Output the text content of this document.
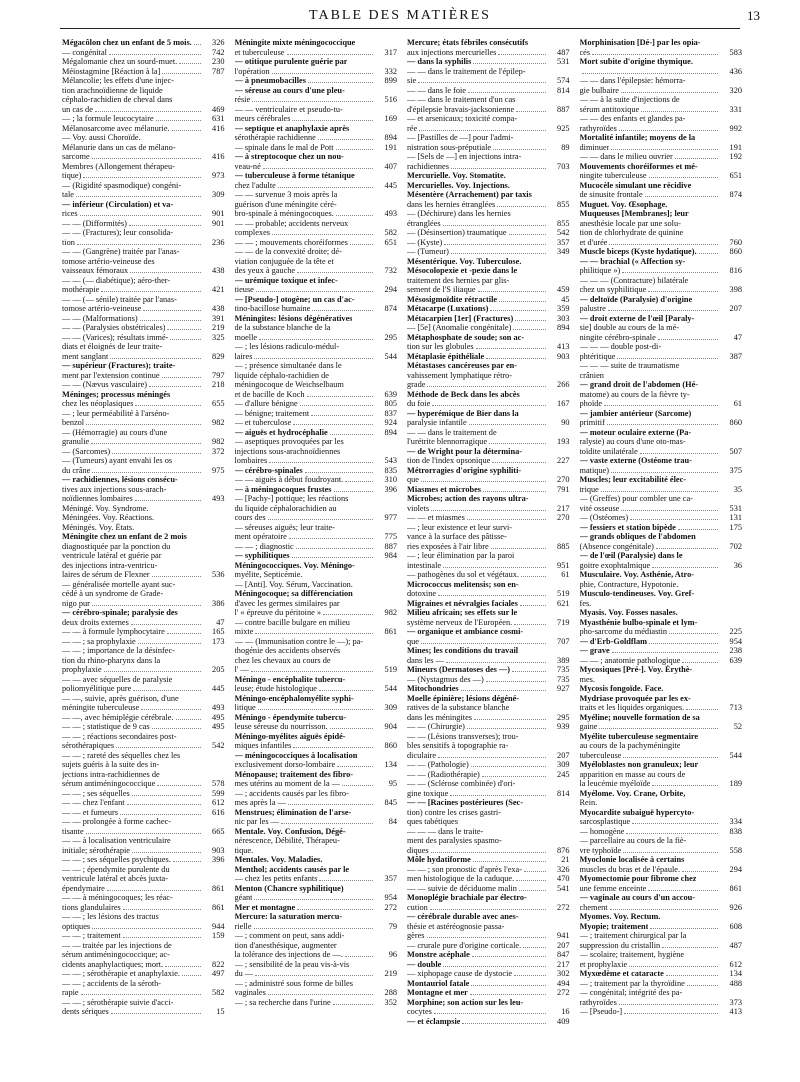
TABLE DES MATIÈRES	13
Mégacôlon chez un enfant de 5 mois.	326
— congénital	742
Mégalomanie chez un sourd-muet.	230
Méiostagmine [Réaction à la]	787
Mélancolie; les effets d'une injec-
tion arachnoïdienne de liquide
céphalo-rachidien de cheval dans
un cas de	469
— ; la formule leucocytaire	631
Mélanosarcome avec mélanurie.	416
— Voy. aussi Choroïde.
Mélanurie dans un cas de mélano-
sarcome	416
Membres (Allongement thérapeu-
tique)	973
— (Rigidité spasmodique) congéni-
tale	309
— inférieur (Circulation) et va-
rices	901
— — (Difformités)	901
— — (Fractures); leur consolida-
tion	236
— — (Gangrène) traitée par l'anas-
tomose artério-veineuse des
vaisseaux fémoraux	438
— — (— diabétique); aéro-ther-
mothérapie	421
— — (— sénile) traitée par l'anas-
tomose artério-veineuse	438
— — (Malformations)	391
— — (Paralysies obstétricales)	219
— — (Varices); résultats immé-	325
diats et éloignés de leur traite-
ment sanglant	829
— supérieur (Fractures); traite-
ment par l'extension continue	797
— — (Nævus vasculaire)	218
Méninges; processus méningés
chez les néoplasiques	655
— ; leur perméabilité à l'arséno-
benzol	982
— (Hémorragie) au cours d'une
granulie	982
— (Sarcomes)	372
— (Tumeurs) ayant envahi les os
du crâne	975
— rachidiennes, lésions consécu-
tives aux injections sous-arach-
noïdiennes lombaires	493
Méningé. Voy. Syndrome.
Méningées. Voy. Réactions.
Méningés. Voy. États.
Méningite chez un enfant de 2 mois
diagnostiquée par la ponction du
ventricule latéral et guérie par
des injections intra-ventricu-
laires de sérum de Flexner	536
— généralisée mortelle ayant suc-
cédé à un syndrome de Grade-
nigo pur	386
— cérébro-spinale; paralysie des
deux droits externes	47
— — à formule lymphocytaire	165
— — ; sa prophylaxie	173
— — ; importance de la désinfec-
tion du rhino-pharynx dans la
prophylaxie	205
— — avec séquelles de paralysie
poliomyélitique pure	445
— —, suivie, après guérison, d'une
méningite tuberculeuse	493
— —, avec hémiplégie cérébrale.	495
— — ; statistique de 9 cas	495
— — ; réactions secondaires post-
sérothérapiques	542
— — ; rareté des séquelles chez les
sujets guéris à la suite des in-
jections intra-rachidiennes de
sérum antiméningococcique	578
— — ; ses séquelles	599
— — chez l'enfant	612
— — et fumeurs	616
— — prolongée à forme cachec-
tisante	665
— — à localisation ventriculaire
initiale; sérothérapie	903
— — ; ses séquelles psychiques.	396
— — ; épendymite purulente du
ventricule latéral et abcès juxta-
épendymaire	861
— — à méningocoques; les réac-
tions glandulaires	861
— — ; les lésions des tractus
optiques	944
— — ; traitement	159
— — traitée par les injections de
sérum antiméningococcique; ac-
cidents anaphylactiques; mort.	822
— — ; sérothérapie et anaphylaxie.	497
— — ; accidents de la séroth-
rapie	582
— — ; sérothérapie suivie d'acci-
dents sériques	15
Méningite mixte méningococcique
et tuberculeuse	317
— otitique purulente guérie par
l'opération	332
— à pneumobacilles	899
— séreuse au cours d'une pleu-
résie	516
— — ventriculaire et pseudo-tu-
meurs cérébrales	169
— septique et anaphylaxie après
sérothérapie rachidienne	894
— spinale dans le mal de Pott	191
— à streptocoque chez un nou-
veau-né	407
— tuberculeuse à forme tétanique
chez l'adulte	445
— — survenue 3 mois après la
guérison d'une méningite céré-
bro-spinale à méningocoques.	493
— — probable; accidents nerveux
complexes	582
— — ; mouvements choréiformes	651
— — de la convexité droite; dé-
viation conjuguée de la tête et
des yeux à gauche	732
— urémique toxique et infec-
tieuse	294
— [Pseudo-] otogène; un cas d'ac-
tino-bacillose humaine	874
Méningites: lésions dégénératives
de la substance blanche de la
moelle	295
— ; les lésions radiculo-médul-
laires	544
— ; présence simultanée dans le
liquide céphalo-rachidien de
méningocoque de Weichselbaum
et de bacille de Koch	639
— d'allure bénigne	805
— bénigne; traitement	837
— et tuberculose	924
— aiguës et hydrocéphalie	894
— aseptiques provoquées par les
injections sous-arachnoïdiennes
lombaires	543
— cérébro-spinales	835
— — aiguës à début foudroyant.	310
— à méningocoques frustes	396
— [Pachy-] pottique; les réactions
du liquide céphalorachidien au
cours des	977
— séreuses aiguës; leur traite-
ment opératoire	775
— — ; diagnostic	887
— syphilitiques	984
Méningococciques. Voy. Méningo-
myélite, Septicémie.
— [Anti]. Voy. Sérum, Vaccination.
Méningocoque; sa différenciation
d'avec les germes similaires par
l' « épreuve du péritoine »	982
— contre bacille bulgare en milieu
mixte	861
— — (Immunisation contre le —); pa-
thogénie des accidents observés
chez les chevaux au cours de
l' —	519
Méningo - encéphalite tubercu-
leuse; étude histologique	544
Méningo-encéphalomyélite syphi-
litique	309
Méningo - épendymite tubercu-
leuse séreuse du nourrisson.	904
Méningo-myélites aiguës épidé-
miques infantiles	860
— méningococciques à localisation
exclusivement dorso-lombaire	134
Ménopause; traitement des fibro-
mes utérins au moment de la —	95
— ; accidents causés par les fibro-
mes après la —	845
Menstrues; élimination de l'arse-
nic par les —	84
Mentale. Voy. Confusion, Dégé-
nérescence, Débilité, Thérapeu-
tique.
Mentales. Voy. Maladies.
Menthol; accidents causés par le
— chez les petits enfants	357
Menton (Chancre syphilitique)
géant	954
Mer et montagne	272
Mercure: la saturation mercu-
rielle	79
— ; comment on peut, sans addi-
tion d'anesthésique, augmenter
la tolérance des injections de —.	96
— ; sensibilité de la peau vis-à-vis
du —	219
— ; administré sous forme de billes
vaginales	288
— ; sa recherche dans l'urine	352
Mercure; états fébriles consécutifs
aux injections mercurielles	487
— dans la syphilis	531
— — dans le traitement de l'épilep-
sie	574
— — dans le foie	814
— — dans le traitement d'un cas
d'épilepsie bravais-jacksonienne	887
— et arsenicaux; toxicité compa-
rée	925
— [Pastilles de —] pour l'admi-
nistration sous-préputiale	89
— [Sels de —] en injections intra-
rachidiennes	703
Mercurielle. Voy. Stomatite.
Mercurielles. Voy. Injections.
Mésentère (Arrachement) par taxis
dans les hernies étranglées	855
— (Déchirure) dans les hernies
étranglées	855
— (Désinsertion) traumatique	542
— (Kyste)	357
— (Tumeur)	349
Mésentérique. Voy. Tuberculose.
Mésocolopexie et -pexie dans le
traitement des hernies par glis-
sement de l'S iliaque	459
Mésosigmoïdite rétractile	45
Métacarpe (Luxations)	359
Métacarpien [1er] (Fractures)	303
— [5e] (Anomalie congénitale)	894
Métaphosphate de soude; son ac-
tion sur les globules	413
Métaplasie épithéliale	903
Métastases cancéreuses par en-
vahissement lymphatique rétro-
grade	266
Méthode de Beck dans les abcès
du foie	167
— hyperémique de Bier dans la
paralysie infantile	90
— — dans le traitement de
l'urétrite blennorragique	193
— de Wright pour la détermina-
tion de l'index opsonique	227
Métrorragies d'origine syphiliti-
que	270
Miasmes et microbes	791
Microbes; action des rayons ultra-
violets	217
— — et miasmes	270
— ; leur existence et leur survi-
vance à la surface des pâtisse-
ries exposées à l'air libre	885
— ; leur élimination par la paroi
intestinale	951
— pathogènes du sol et végétaux.	61
Micrococcus melitensis; son en-
dotoxine	519
Migraines et névralgies faciales	621
Milieu africain; ses effets sur le
système nerveux de l'Européen.	719
— organique et ambiance cosmi-
que	707
Mines; les conditions du travail
dans les —	389
Mineurs (Dermatoses des —)	735
— (Nystagmus des —)	735
Mitochondries	927
Moelle épinière; lésions dégéné-
ratives de la substance blanche
dans les méningites	295
— — (Chirurgie)	939
— — (Lésions transverses); trou-
bles sensitifs à topographie ra-
diculaire	207
— — (Pathologie)	309
— — (Radiothérapie)	245
— — (Sclérose combinée) d'ori-
gine toxique	814
— — [Racines postérieures (Sec-
tion) contre les crises gastri-
ques tabétiques
— — — dans le traite-
ment des paralysies spasmo-
diques	876
Môle hydatiforme	21
— — ; son pronostic d'après l'exa-	326
men histologique de la caduque.	470
— — suivie de déciduome malin	541
Monoplégie brachiale par électro-
cution	272
— cérébrale durable avec anes-
thésie et astéréognosie passa-
gères	941
— crurale pure d'origine corticale.	207
Monstre acéphale	847
— double	217
— xiphopage cause de dystocie	302
Montauriol fatale	494
Montagne et mer	272
Morphine; son action sur les leu-
cocytes	16
— et éclampsie	409
Morphinisation [Dé-] par les opia-
cés	583
Mort subite d'origine thymique.
436
— — dans l'épilepsie: hémorra-
gie bulbaire	320
— — à la suite d'injections de
sérum antitoxique	331
— — des enfants et glandes pa-
rathyroïdes	992
Mortalité infantile; moyens de la
diminuer	191
— — dans le milieu ouvrier	192
Mouvements choréiformes et mé-
ningite tuberculeuse	651
Mucocèle simulant une récidive
de sinusite frontale	874
Muguet. Voy. Œsophage.
Muqueuses [Membranes]; leur
anesthésie locale par une solu-
tion de chlorhydrate de quinine
et d'urée	760
Muscle biceps (Kyste hydatique).	860
— — brachial (« Affection sy-
philitique »)	816
— — — (Contracture) bilatérale
chez un syphilitique	398
— deltoïde (Paralysie) d'origine
palustre	207
— droit externe de l'œil [Paraly-
sie] double au cours de la mé-
ningite cérébro-spinale	47
— — — double post-di-
phtéritique	387
— — — suite de traumatisme
crânien
— grand droit de l'abdomen (Hé-
matome) au cours de la fièvre ty-
phoïde	61
— jambier antérieur (Sarcome)
primitif	860
— moteur oculaire externe (Pa-
ralysie) au cours d'une oto-mas-
toïdite unilatérale	507
— vaste externe (Ostéome trau-
matique)	375
Muscles; leur excitabilité élec-
trique	35
— (Greffes) pour combler une ca-
vité osseuse	531
— (Ostéomes)	131
— fessiers et station bipède	175
— grands obliques de l'abdomen
(Absence congénitale)	702
— de l'œil (Paralysie) dans le
goitre exophtalmique	36
Musculaire. Voy. Asthénie, Atro-
phie, Contracture, Hypotonie.
Musculo-tendineuses. Voy. Gref-
fes.
Myasis. Voy. Fosses nasales.
Myasthénie bulbo-spinale et lym-
pho-sarcome du médiastin	225
— d'Erb-Goldflam	954
— grave	238
— — ; anatomie pathologique	639
Mycosiques [Pré-]. Voy. Érythè-
mes.
Mycosis fongoïde. Face.
Mydriase provoquée par les ex-
traits et les liquides organiques.	713
Myéline; nouvelle formation de sa
gaine	52
Myélite tuberculeuse segmentaire
au cours de la pachyméningite
tuberculeuse	544
Myéloblastes non granuleux; leur
apparition en masse au cours de
la leucémie myéloïde	189
Myélome. Voy. Crane, Orbite,
Rein.
Myocardite subaiguë hypercyto-
sarcosplastique	334
— homogène	838
— parcellaire au cours de la fiè-
vre typhoïde	558
Myoclonie localisée à certains
muscles du bras et de l'épaule.	294
Myomectomie pour fibrome chez
une femme enceinte	861
— vaginale au cours d'un accou-
chement	926
Myomes. Voy. Rectum.
Myopie; traitement	608
— ; traitement chirurgical par la
suppression du cristallin	487
— scolaire; traitement, hygiène
et prophylaxie	612
Myxœdème et cataracte	134
— ; traitement par la thyroïdine	488
— congénital; intégrité des pa-
rathyroïdes	373
— [Pseudo-]	413
